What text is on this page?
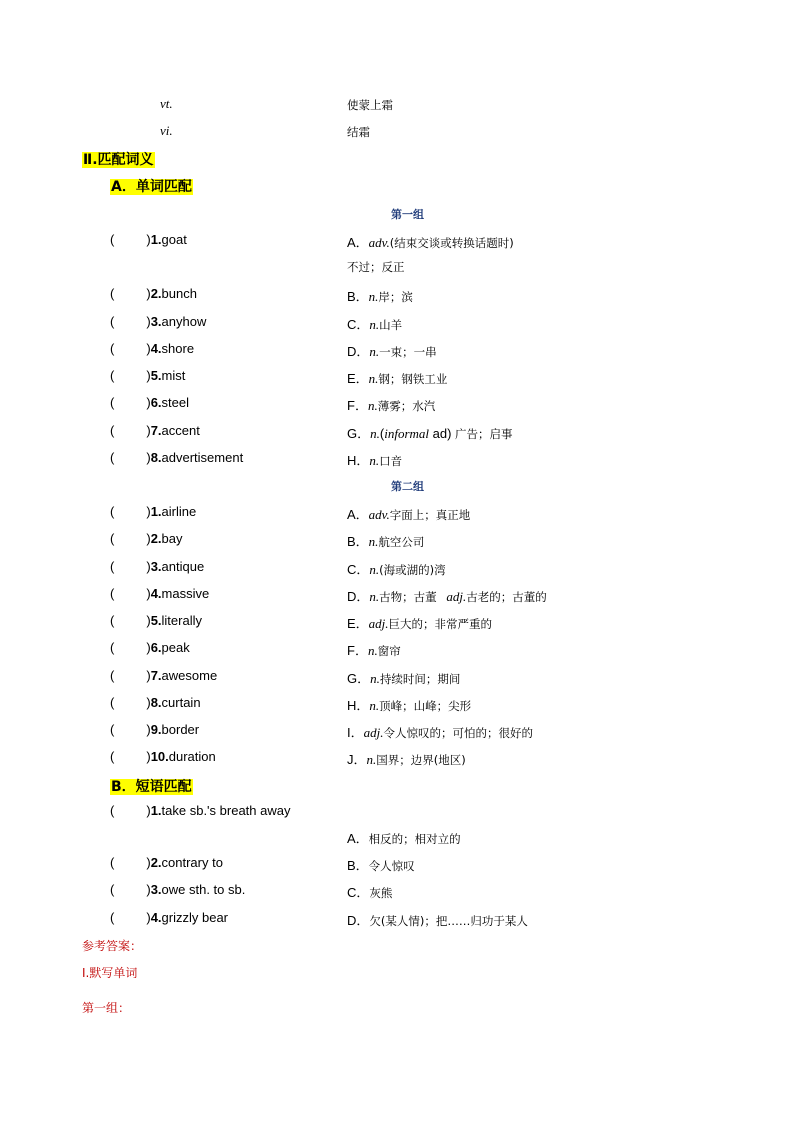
vt.	使蒙上霜
vi.	结霜
Ⅱ.匹配词义
A．单词匹配
第一组
( )1.goat
( )2.bunch
( )3.anyhow
( )4.shore
( )5.mist
( )6.steel
( )7.accent
( )8.advertisement
A．adv.(结束交谈或转换话题时)
不过；反正
B．n.岸；滨
C．n.山羊
D．n.一束；一串
E．n.钢；钢铁工业
F．n.薄雾；水汽
G．n.(informal ad) 广告；启事
H．n.口音
第二组
( )1.airline
( )2.bay
( )3.antique
( )4.massive
( )5.literally
( )6.peak
( )7.awesome
( )8.curtain
( )9.border
( )10.duration
A．adv.字面上；真正地
B．n.航空公司
C．n.(海或湖的)湾
D．n.古物；古董 adj.古老的；古董的
E．adj.巨大的；非常严重的
F．n.窗帘
G．n.持续时间；期间
H．n.顶峰；山峰；尖形
I．adj.令人惊叹的；可怕的；很好的
J．n.国界；边界(地区)
B．短语匹配
( )1.take sb.'s breath away
( )2.contrary to
( )3.owe sth. to sb.
( )4.grizzly bear
A．相反的；相对立的
B．令人惊叹
C．灰熊
D．欠(某人情)；把……归功于某人
参考答案：
Ⅰ.默写单词
第一组：
